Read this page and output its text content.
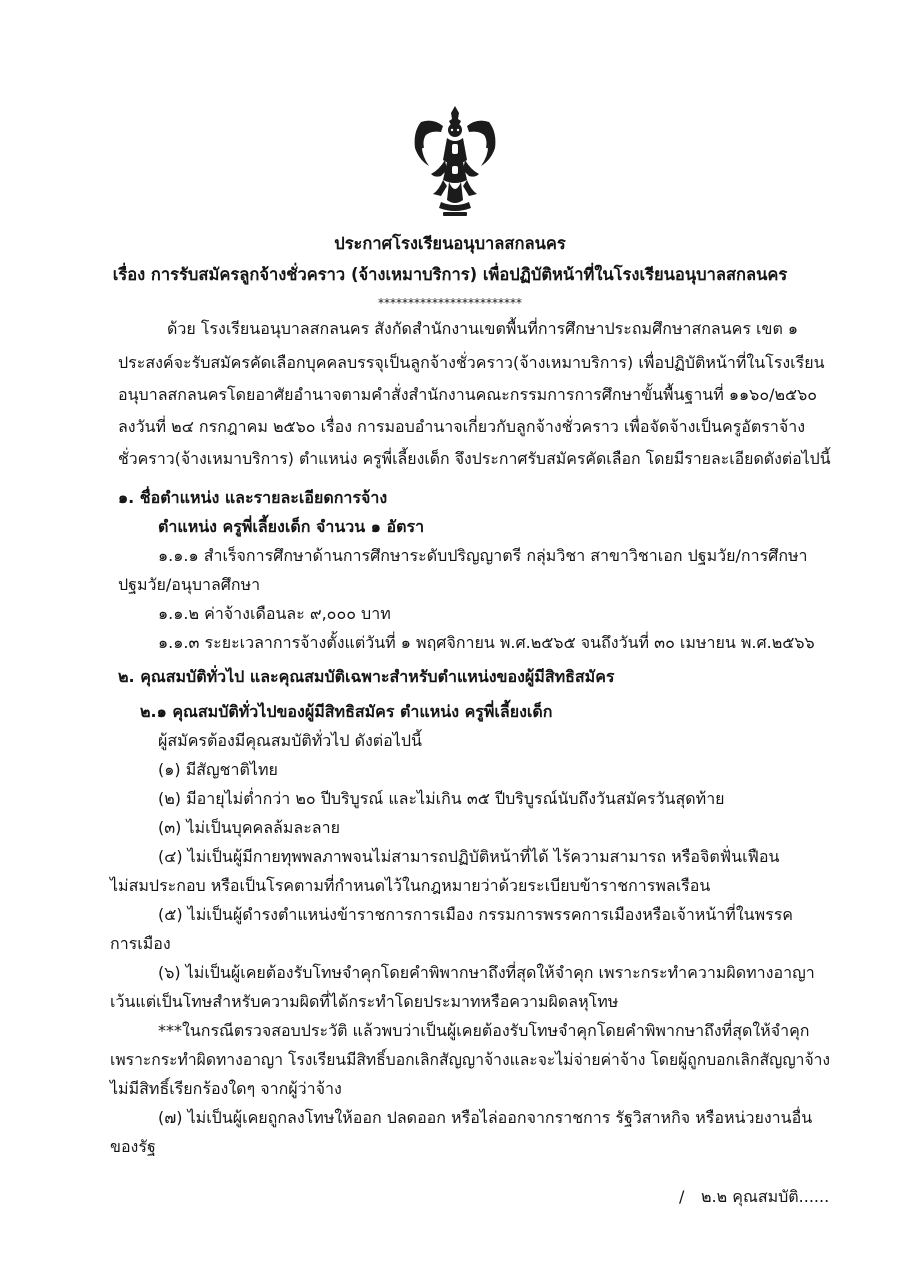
ประกาศโรงเรียนอนุบาลสกลนคร
เรื่อง การรับสมัครลูกจ้างชั่วคราว (จ้างเหมาบริการ) เพื่อปฏิบัติหน้าที่ในโรงเรียนอนุบาลสกลนคร
************************
ด้วย โรงเรียนอนุบาลสกลนคร สังกัดสำนักงานเขตพื้นที่การศึกษาประถมศึกษาสกลนคร เขต ๑
ประสงค์จะรับสมัครคัดเลือกบุคคลบรรจุเป็นลูกจ้างชั่วคราว(จ้างเหมาบริการ) เพื่อปฏิบัติหน้าที่ในโรงเรียน
อนุบาลสกลนครโดยอาศัยอำนาจตามคำสั่งสำนักงานคณะกรรมการการศึกษาขั้นพื้นฐานที่ ๑๑๖๐/๒๕๖๐
ลงวันที่ ๒๔ กรกฎาคม ๒๕๖๐ เรื่อง การมอบอำนาจเกี่ยวกับลูกจ้างชั่วคราว เพื่อจัดจ้างเป็นครูอัตราจ้าง
ชั่วคราว(จ้างเหมาบริการ) ตำแหน่ง ครูพี่เลี้ยงเด็ก จึงประกาศรับสมัครคัดเลือก โดยมีรายละเอียดดังต่อไปนี้
๑. ชื่อตำแหน่ง และรายละเอียดการจ้าง
ตำแหน่ง ครูพี่เลี้ยงเด็ก จำนวน ๑ อัตรา
๑.๑.๑ สำเร็จการศึกษาด้านการศึกษาระดับปริญญาตรี กลุ่มวิชา สาขาวิชาเอก ปฐมวัย/การศึกษา
ปฐมวัย/อนุบาลศึกษา
๑.๑.๒ ค่าจ้างเดือนละ ๙,๐๐๐ บาท
๑.๑.๓ ระยะเวลาการจ้างตั้งแต่วันที่ ๑ พฤศจิกายน พ.ศ.๒๕๖๕ จนถึงวันที่ ๓๐ เมษายน พ.ศ.๒๕๖๖
๒. คุณสมบัติทั่วไป และคุณสมบัติเฉพาะสำหรับตำแหน่งของผู้มีสิทธิสมัคร
๒.๑ คุณสมบัติทั่วไปของผู้มีสิทธิสมัคร ตำแหน่ง ครูพี่เลี้ยงเด็ก
ผู้สมัครต้องมีคุณสมบัติทั่วไป ดังต่อไปนี้
(๑) มีสัญชาติไทย
(๒) มีอายุไม่ต่ำกว่า ๒๐ ปีบริบูรณ์ และไม่เกิน ๓๕ ปีบริบูรณ์นับถึงวันสมัครวันสุดท้าย
(๓) ไม่เป็นบุคคลล้มละลาย
(๔) ไม่เป็นผู้มีกายทุพพลภาพจนไม่สามารถปฏิบัติหน้าที่ได้ ไร้ความสามารถ หรือจิตฟั่นเฟือน
ไม่สมประกอบ หรือเป็นโรคตามที่กำหนดไว้ในกฎหมายว่าด้วยระเบียบข้าราชการพลเรือน
(๕) ไม่เป็นผู้ดำรงตำแหน่งข้าราชการการเมือง กรรมการพรรคการเมืองหรือเจ้าหน้าที่ในพรรค
การเมือง
(๖) ไม่เป็นผู้เคยต้องรับโทษจำคุกโดยคำพิพากษาถึงที่สุดให้จำคุก เพราะกระทำความผิดทางอาญา
เว้นแต่เป็นโทษสำหรับความผิดที่ได้กระทำโดยประมาทหรือความผิดลหุโทษ
***ในกรณีตรวจสอบประวัติ แล้วพบว่าเป็นผู้เคยต้องรับโทษจำคุกโดยคำพิพากษาถึงที่สุดให้จำคุก
เพราะกระทำผิดทางอาญา โรงเรียนมีสิทธิ์บอกเลิกสัญญาจ้างและจะไม่จ่ายค่าจ้าง โดยผู้ถูกบอกเลิกสัญญาจ้าง
ไม่มีสิทธิ์เรียกร้องใดๆ จากผู้ว่าจ้าง
(๗) ไม่เป็นผู้เคยถูกลงโทษให้ออก ปลดออก หรือไล่ออกจากราชการ รัฐวิสาหกิจ หรือหน่วยงานอื่น
ของรัฐ
/ ๒.๒ คุณสมบัติ......
